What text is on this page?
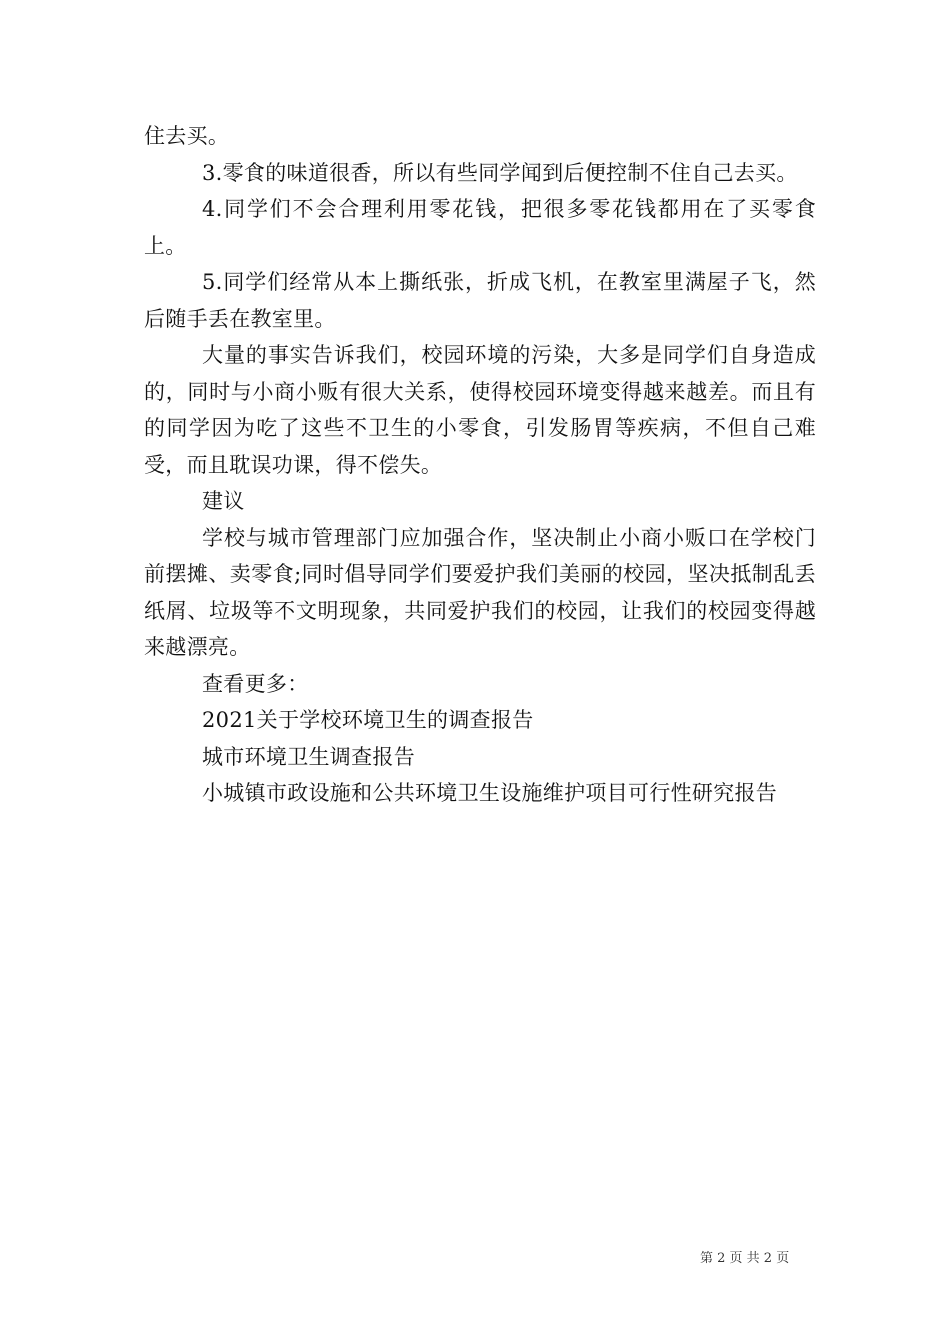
住去买。

3.零食的味道很香，所以有些同学闻到后便控制不住自己去买。

4.同学们不会合理利用零花钱，把很多零花钱都用在了买零食上。

5.同学们经常从本上撕纸张，折成飞机，在教室里满屋子飞，然后随手丢在教室里。

大量的事实告诉我们，校园环境的污染，大多是同学们自身造成的，同时与小商小贩有很大关系，使得校园环境变得越来越差。而且有的同学因为吃了这些不卫生的小零食，引发肠胃等疾病，不但自己难受，而且耽误功课，得不偿失。

建议

学校与城市管理部门应加强合作，坚决制止小商小贩口在学校门前摆摊、卖零食;同时倡导同学们要爱护我们美丽的校园，坚决抵制乱丢纸屑、垃圾等不文明现象，共同爱护我们的校园，让我们的校园变得越来越漂亮。

查看更多：

2021关于学校环境卫生的调查报告

城市环境卫生调查报告

小城镇市政设施和公共环境卫生设施维护项目可行性研究报告

第 2 页 共 2 页
